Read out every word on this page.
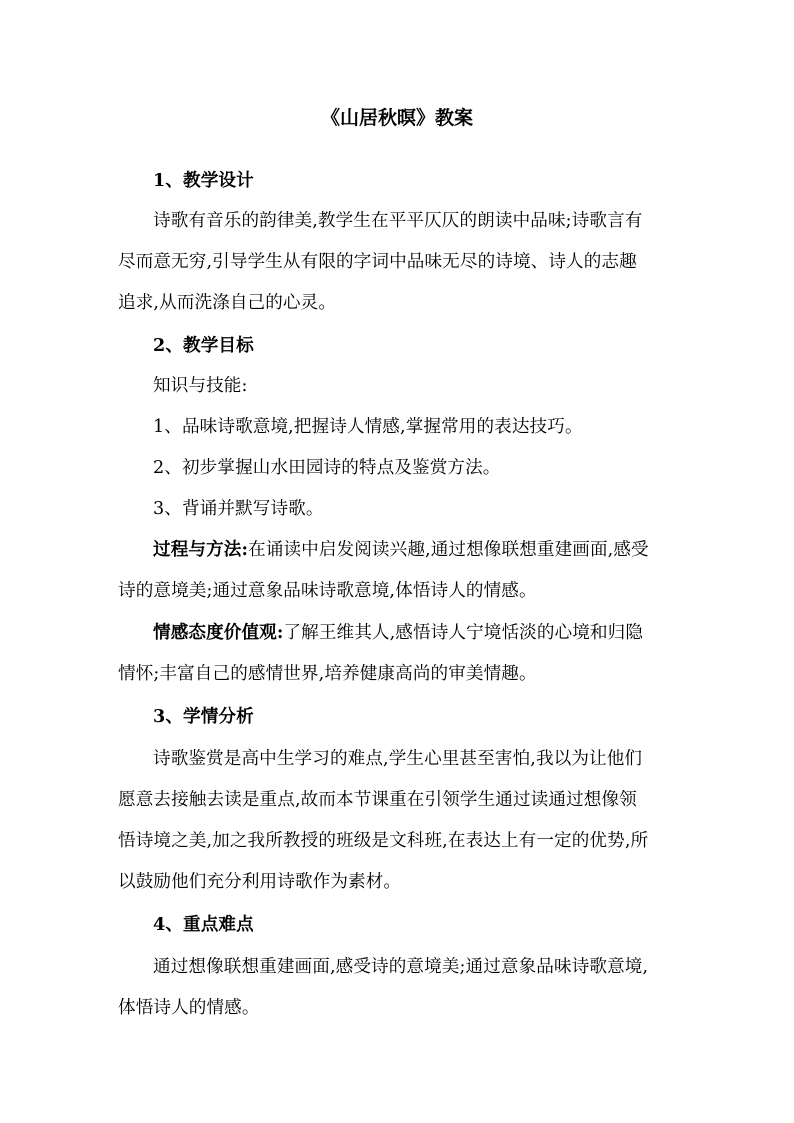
《山居秋暝》教案
1、教学设计
诗歌有音乐的韵律美,教学生在平平仄仄的朗读中品味;诗歌言有
尽而意无穷,引导学生从有限的字词中品味无尽的诗境、诗人的志趣
追求,从而洗涤自己的心灵。
2、教学目标
知识与技能:
1、品味诗歌意境,把握诗人情感,掌握常用的表达技巧。
2、初步掌握山水田园诗的特点及鉴赏方法。
3、背诵并默写诗歌。
过程与方法:在诵读中启发阅读兴趣,通过想像联想重建画面,感受
诗的意境美;通过意象品味诗歌意境,体悟诗人的情感。
情感态度价值观:了解王维其人,感悟诗人宁境恬淡的心境和归隐
情怀;丰富自己的感情世界,培养健康高尚的审美情趣。
3、学情分析
诗歌鉴赏是高中生学习的难点,学生心里甚至害怕,我以为让他们
愿意去接触去读是重点,故而本节课重在引领学生通过读通过想像领
悟诗境之美,加之我所教授的班级是文科班,在表达上有一定的优势,所
以鼓励他们充分利用诗歌作为素材。
4、重点难点
通过想像联想重建画面,感受诗的意境美;通过意象品味诗歌意境,
体悟诗人的情感。
